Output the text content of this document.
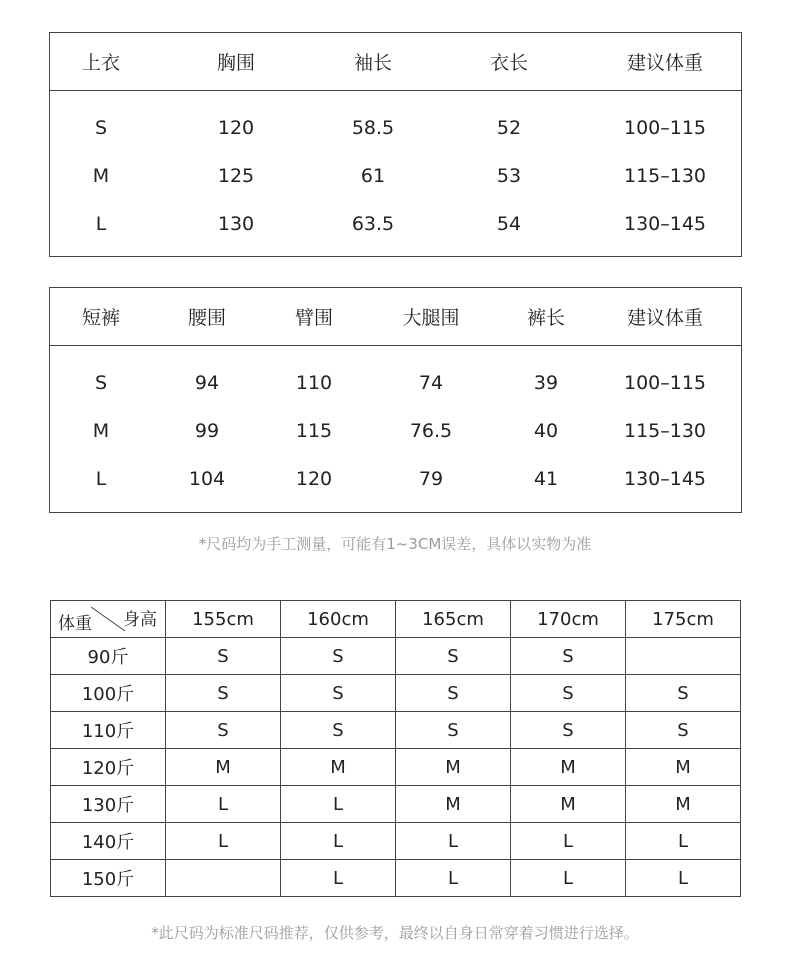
上衣	胸围	袖长	衣长	建议体重
S	120	58.5	52	100–115
M	125	61	53	115–130
L	130	63.5	54	130–145
短裤	腰围	臂围	大腿围	裤长	建议体重
S	94	110	74	39	100–115
M	99	115	76.5	40	115–130
L	104	120	79	41	130–145
*尺码均为手工测量，可能有1~3CM误差，具体以实物为准
身高
体重	155cm	160cm	165cm	170cm	175cm
90斤	S	S	S	S	
100斤	S	S	S	S	S
110斤	S	S	S	S	S
120斤	M	M	M	M	M
130斤	L	L	M	M	M
140斤	L	L	L	L	L
150斤		L	L	L	L
*此尺码为标准尺码推荐，仅供参考，最终以自身日常穿着习惯进行选择。
